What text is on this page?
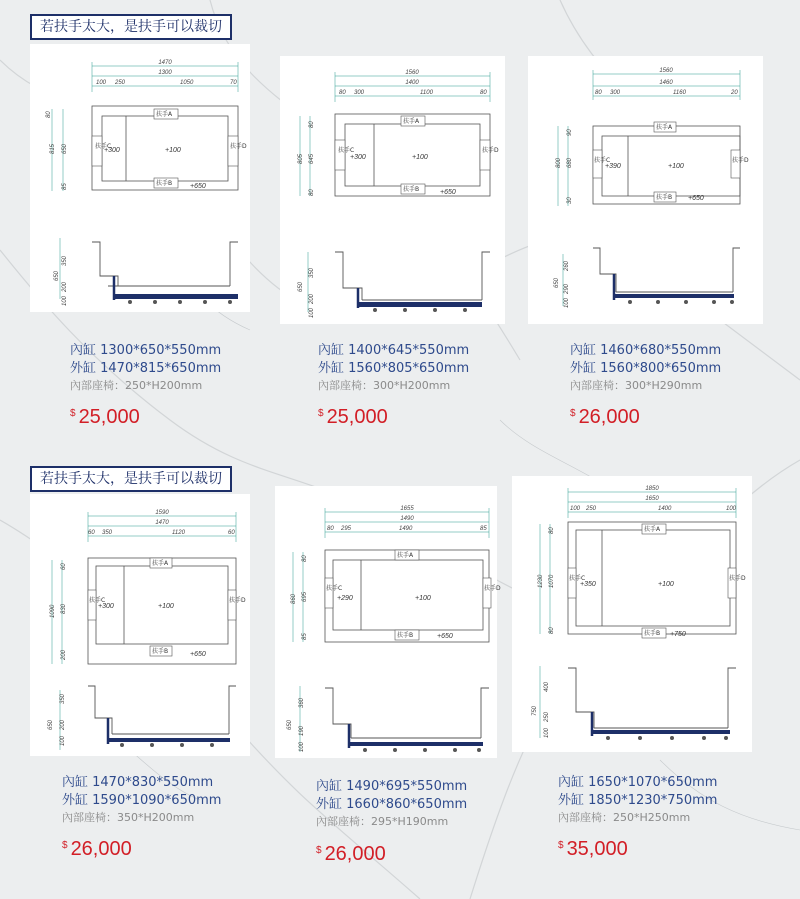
若扶手太大，是扶手可以裁切
若扶手太大，是扶手可以裁切
1470
1300
100 250	1050	70
80
650
85
815
扶手A
扶手B
扶手C	扶手D
+300	+100
+650
650
350
200
100
內缸 1300*650*550mm
外缸 1470*815*650mm
內部座椅：250*H200mm
$ 25,000
1560
1400
80 300	1100	80
80
645
80
805
扶手A
扶手B
扶手C	扶手D
+300	+100
+650
650
350
200
100
內缸 1400*645*550mm
外缸 1560*805*650mm
內部座椅：300*H200mm
$ 25,000
1560
1460
80 300	1160	20
90
680
30
800
扶手A
扶手B
扶手C	扶手D
+390	+100
+650
650
260
290
100
內缸 1460*680*550mm
外缸 1560*800*650mm
內部座椅：300*H290mm
$ 26,000
1590
1470
60 350	1120	60
60
830
200
1090
扶手A
扶手B
扶手C	扶手D
+300	+100
+650
650
350
200
100
內缸 1470*830*550mm
外缸 1590*1090*650mm
內部座椅：350*H200mm
$ 26,000
1655
1490
80 295	1490	85
80
695
85
860
扶手A
扶手B
扶手C	扶手D
+290	+100
+650
650
360
190
100
內缸 1490*695*550mm
外缸 1660*860*650mm
內部座椅：295*H190mm
$ 26,000
1850
1650
100 250	1400	100
80
1070
80
1230
扶手A
扶手B
扶手C	扶手D
+350	+100
+750
750
400
250
100
內缸 1650*1070*650mm
外缸 1850*1230*750mm
內部座椅：250*H250mm
$ 35,000
